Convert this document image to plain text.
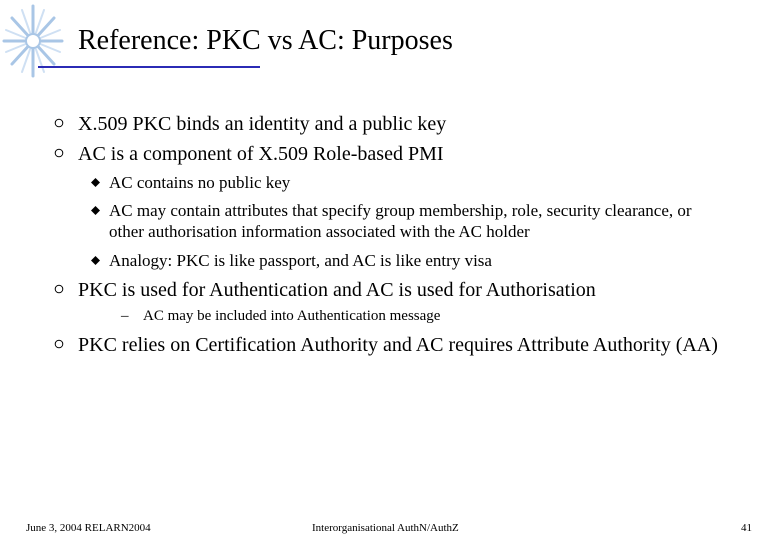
Reference: PKC vs AC: Purposes
X.509 PKC binds an identity and a public key
AC is a component of X.509 Role-based PMI
AC contains no public key
AC may contain attributes that specify group membership, role, security clearance, or
other authorisation information associated with the AC holder
Analogy: PKC is like passport, and AC is like entry visa
PKC is used for Authentication and AC is used for Authorisation
– AC may be included into Authentication message
PKC relies on Certification Authority and AC requires Attribute Authority (AA)
June 3, 2004 RELARN2004	Interorganisational AuthN/AuthZ	41
